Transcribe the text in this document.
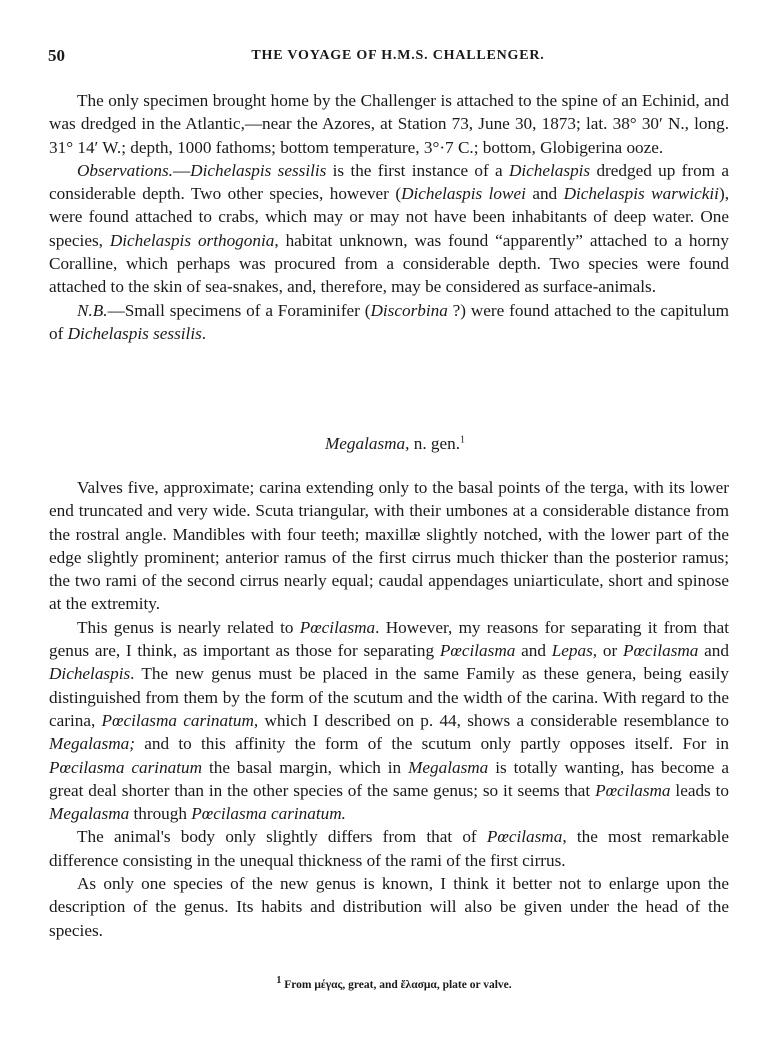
50	THE VOYAGE OF H.M.S. CHALLENGER.

The only specimen brought home by the Challenger is attached to the spine of an Echinid, and was dredged in the Atlantic,—near the Azores, at Station 73, June 30, 1873; lat. 38° 30′ N., long. 31° 14′ W.; depth, 1000 fathoms; bottom temperature, 3°·7 C.; bottom, Globigerina ooze.

Observations.—Dichelaspis sessilis is the first instance of a Dichelaspis dredged up from a considerable depth. Two other species, however (Dichelaspis lowei and Dichelaspis warwickii), were found attached to crabs, which may or may not have been inhabitants of deep water. One species, Dichelaspis orthogonia, habitat unknown, was found “apparently” attached to a horny Coralline, which perhaps was procured from a considerable depth. Two species were found attached to the skin of sea-snakes, and, therefore, may be considered as surface-animals.

N.B.—Small specimens of a Foraminifer (Discorbina ?) were found attached to the capitulum of Dichelaspis sessilis.

Megalasma, n. gen.$^1$

Valves five, approximate; carina extending only to the basal points of the terga, with its lower end truncated and very wide. Scuta triangular, with their umbones at a considerable distance from the rostral angle. Mandibles with four teeth; maxillæ slightly notched, with the lower part of the edge slightly prominent; anterior ramus of the first cirrus much thicker than the posterior ramus; the two rami of the second cirrus nearly equal; caudal appendages uniarticulate, short and spinose at the extremity.

This genus is nearly related to Pœcilasma. However, my reasons for separating it from that genus are, I think, as important as those for separating Pœcilasma and Lepas, or Pœcilasma and Dichelaspis. The new genus must be placed in the same Family as these genera, being easily distinguished from them by the form of the scutum and the width of the carina. With regard to the carina, Pœcilasma carinatum, which I described on p. 44, shows a considerable resemblance to Megalasma; and to this affinity the form of the scutum only partly opposes itself. For in Pœcilasma carinatum the basal margin, which in Megalasma is totally wanting, has become a great deal shorter than in the other species of the same genus; so it seems that Pœcilasma leads to Megalasma through Pœcilasma carinatum.

The animal's body only slightly differs from that of Pœcilasma, the most remarkable difference consisting in the unequal thickness of the rami of the first cirrus.

As only one species of the new genus is known, I think it better not to enlarge upon the description of the genus. Its habits and distribution will also be given under the head of the species.

$^1$ From μέγας, great, and ἔλασμα, plate or valve.
